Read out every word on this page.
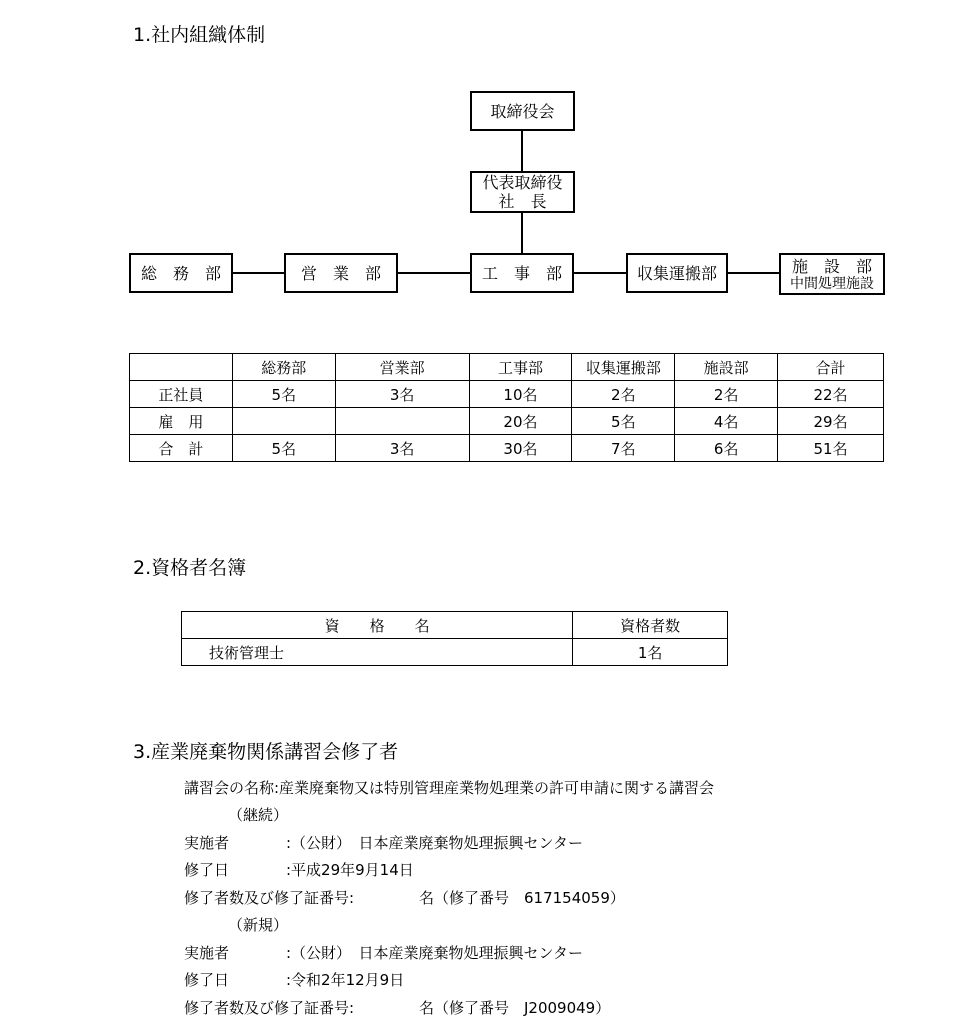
1.社内組織体制
取締役会
代表取締役
社　長
総　務　部	営　業　部	工　事　部	収集運搬部	施　設　部
中間処理施設
	総務部	営業部	工事部	収集運搬部	施設部	合計
正社員	5名	3名	10名	2名	2名	22名
雇　用			20名	5名	4名	29名
合　計	5名	3名	30名	7名	6名	51名
2.資格者名簿
資　　格　　名	資格者数
技術管理士	1名
3.産業廃棄物関係講習会修了者
講習会の名称:産業廃棄物又は特別管理産業物処理業の許可申請に関する講習会
（継続）
実施者	:（公財）　日本産業廃棄物処理振興センター
修了日	:平成29年9月14日
修了者数及び修了証番号:	名（修了番号　617154059）
（新規）
実施者	:（公財）　日本産業廃棄物処理振興センター
修了日	:令和2年12月9日
修了者数及び修了証番号:	名（修了番号　J2009049）
